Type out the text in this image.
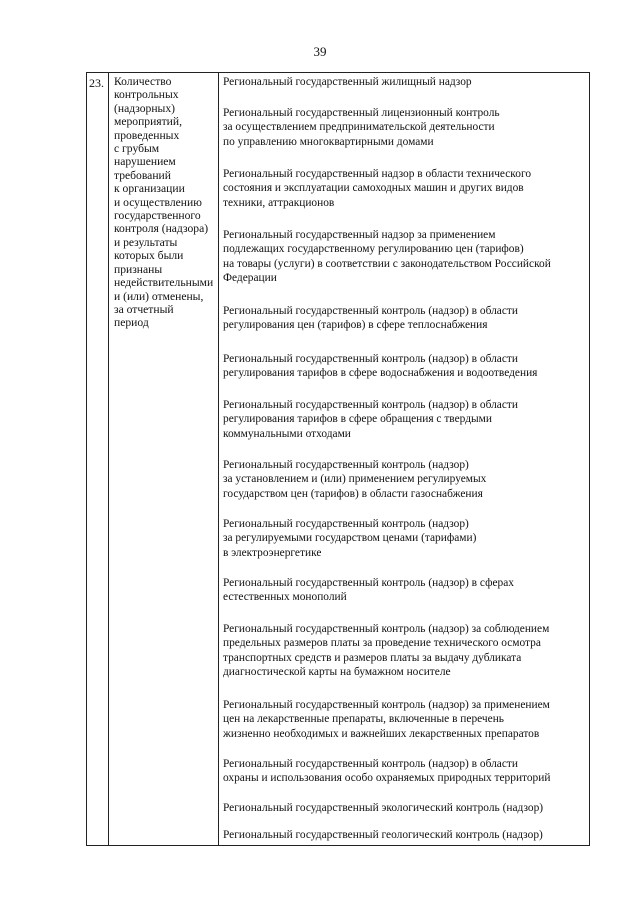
39
23. Количество
контрольных
(надзорных)
мероприятий,
проведенных
с грубым
нарушением
требований
к организации
и осуществлению
государственного
контроля (надзора)
и результаты
которых были
признаны
недействительными
и (или) отменены,
за отчетный
период
Региональный государственный жилищный надзор
Региональный государственный лицензионный контроль
за осуществлением предпринимательской деятельности
по управлению многоквартирными домами
Региональный государственный надзор в области технического
состояния и эксплуатации самоходных машин и других видов
техники, аттракционов
Региональный государственный надзор за применением
подлежащих государственному регулированию цен (тарифов)
на товары (услуги) в соответствии с законодательством Российской
Федерации
Региональный государственный контроль (надзор) в области
регулирования цен (тарифов) в сфере теплоснабжения
Региональный государственный контроль (надзор) в области
регулирования тарифов в сфере водоснабжения и водоотведения
Региональный государственный контроль (надзор) в области
регулирования тарифов в сфере обращения с твердыми
коммунальными отходами
Региональный государственный контроль (надзор)
за установлением и (или) применением регулируемых
государством цен (тарифов) в области газоснабжения
Региональный государственный контроль (надзор)
за регулируемыми государством ценами (тарифами)
в электроэнергетике
Региональный государственный контроль (надзор) в сферах
естественных монополий
Региональный государственный контроль (надзор) за соблюдением
предельных размеров платы за проведение технического осмотра
транспортных средств и размеров платы за выдачу дубликата
диагностической карты на бумажном носителе
Региональный государственный контроль (надзор) за применением
цен на лекарственные препараты, включенные в перечень
жизненно необходимых и важнейших лекарственных препаратов
Региональный государственный контроль (надзор) в области
охраны и использования особо охраняемых природных территорий
Региональный государственный экологический контроль (надзор)
Региональный государственный геологический контроль (надзор)
